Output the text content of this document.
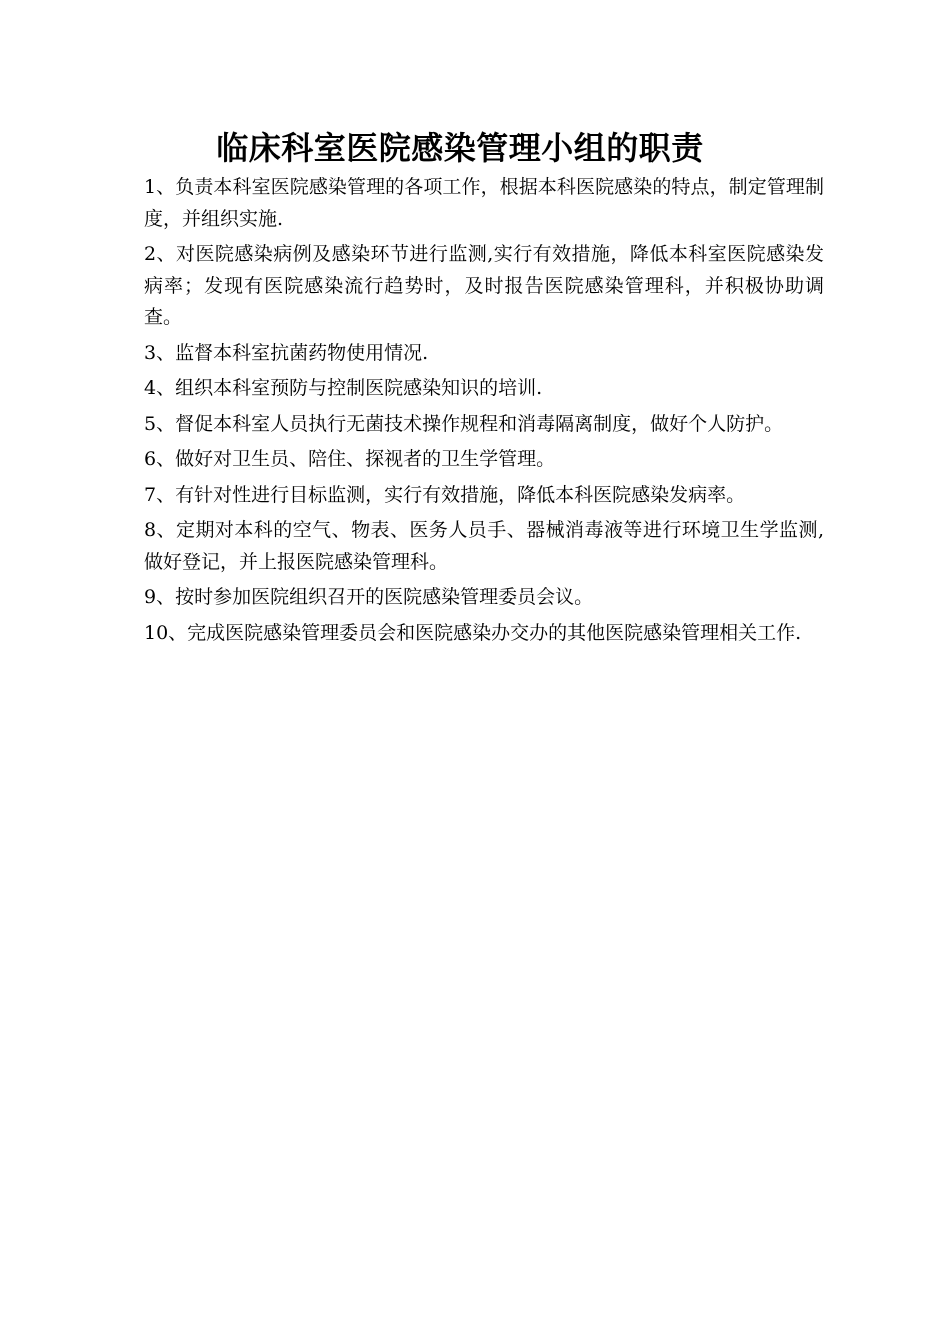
临床科室医院感染管理小组的职责
1、负责本科室医院感染管理的各项工作，根据本科医院感染的特点，制定管理制度，并组织实施.
2、对医院感染病例及感染环节进行监测,实行有效措施，降低本科室医院感染发病率；发现有医院感染流行趋势时，及时报告医院感染管理科，并积极协助调查。
3、监督本科室抗菌药物使用情况.
4、组织本科室预防与控制医院感染知识的培训.
5、督促本科室人员执行无菌技术操作规程和消毒隔离制度，做好个人防护。
6、做好对卫生员、陪住、探视者的卫生学管理。
7、有针对性进行目标监测，实行有效措施，降低本科医院感染发病率。
8、定期对本科的空气、物表、医务人员手、器械消毒液等进行环境卫生学监测,做好登记，并上报医院感染管理科。
9、按时参加医院组织召开的医院感染管理委员会议。
10、完成医院感染管理委员会和医院感染办交办的其他医院感染管理相关工作.
